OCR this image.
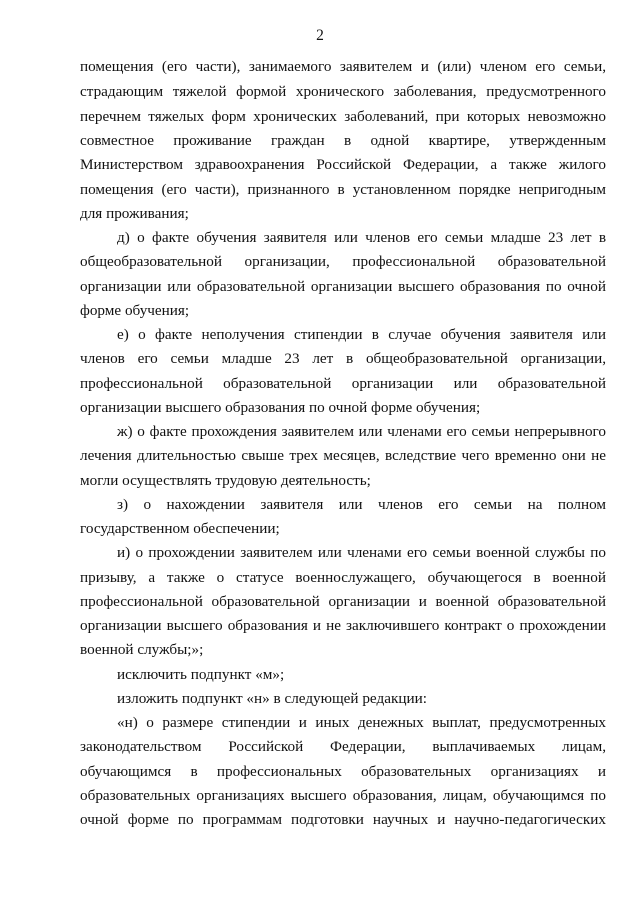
2
помещения (его части), занимаемого заявителем и (или) членом его семьи,
страдающим тяжелой формой хронического заболевания, предусмотренного
перечнем тяжелых форм хронических заболеваний, при которых невозможно
совместное проживание граждан в одной квартире, утвержденным
Министерством здравоохранения Российской Федерации, а также жилого
помещения (его части), признанного в установленном порядке непригодным
для проживания;
д) о факте обучения заявителя или членов его семьи младше 23 лет в
общеобразовательной организации, профессиональной образовательной
организации или образовательной организации высшего образования по очной
форме обучения;
е) о факте неполучения стипендии в случае обучения заявителя или
членов его семьи младше 23 лет в общеобразовательной организации,
профессиональной образовательной организации или образовательной
организации высшего образования по очной форме обучения;
ж) о факте прохождения заявителем или членами его семьи непрерывного
лечения длительностью свыше трех месяцев, вследствие чего временно они не
могли осуществлять трудовую деятельность;
з) о нахождении заявителя или членов его семьи на полном
государственном обеспечении;
и) о прохождении заявителем или членами его семьи военной службы по
призыву, а также о статусе военнослужащего, обучающегося в военной
профессиональной образовательной организации и военной образовательной
организации высшего образования и не заключившего контракт о прохождении
военной службы;»;
исключить подпункт «м»;
изложить подпункт «н» в следующей редакции:
«н) о размере стипендии и иных денежных выплат, предусмотренных
законодательством Российской Федерации, выплачиваемых лицам,
обучающимся в профессиональных образовательных организациях и
образовательных организациях высшего образования, лицам, обучающимся по
очной форме по программам подготовки научных и научно-педагогических
